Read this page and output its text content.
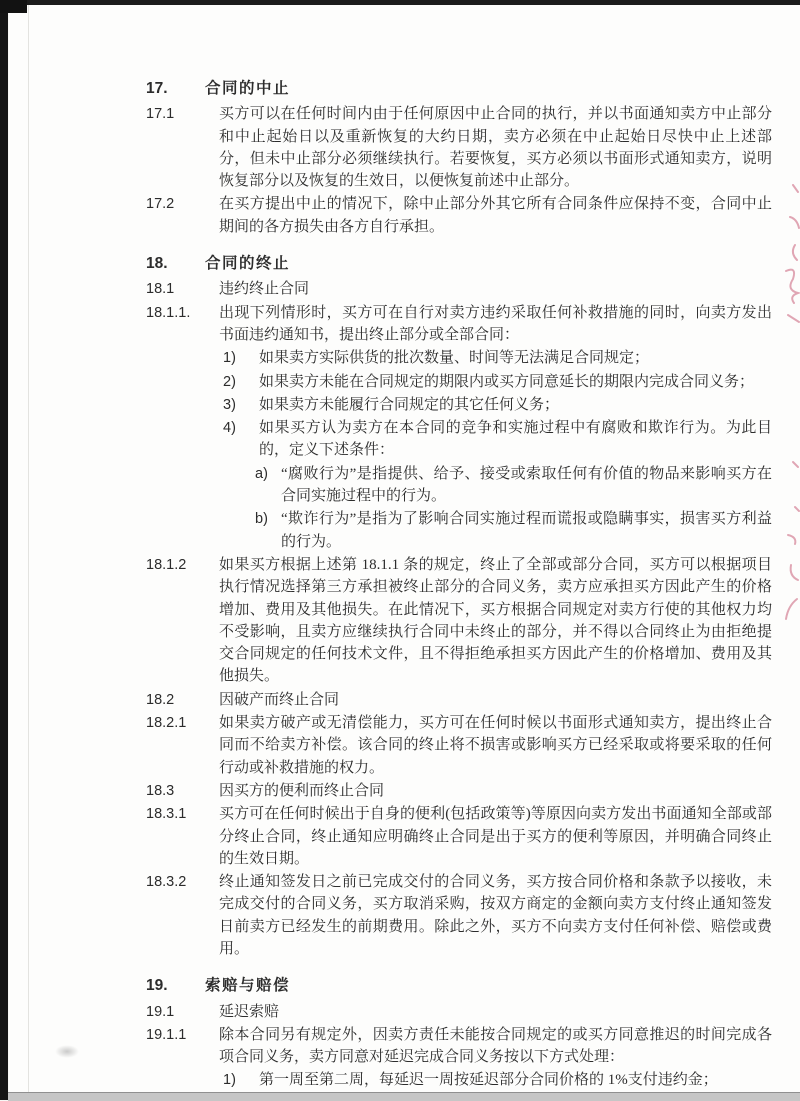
17.	合同的中止
17.1	买方可以在任何时间内由于任何原因中止合同的执行，并以书面通知卖方中止部分和中止起始日以及重新恢复的大约日期，卖方必须在中止起始日尽快中止上述部分，但未中止部分必须继续执行。若要恢复，买方必须以书面形式通知卖方，说明恢复部分以及恢复的生效日，以便恢复前述中止部分。
17.2	在买方提出中止的情况下，除中止部分外其它所有合同条件应保持不变，合同中止期间的各方损失由各方自行承担。
18.	合同的终止
18.1	违约终止合同
18.1.1.	出现下列情形时，买方可在自行对卖方违约采取任何补救措施的同时，向卖方发出书面违约通知书，提出终止部分或全部合同：
1)	如果卖方实际供货的批次数量、时间等无法满足合同规定；
2)	如果卖方未能在合同规定的期限内或买方同意延长的期限内完成合同义务；
3)	如果卖方未能履行合同规定的其它任何义务；
4)	如果买方认为卖方在本合同的竞争和实施过程中有腐败和欺诈行为。为此目的，定义下述条件：
a) “腐败行为”是指提供、给予、接受或索取任何有价值的物品来影响买方在合同实施过程中的行为。
b) “欺诈行为”是指为了影响合同实施过程而谎报或隐瞒事实，损害买方利益的行为。
18.1.2	如果买方根据上述第 18.1.1 条的规定，终止了全部或部分合同，买方可以根据项目执行情况选择第三方承担被终止部分的合同义务，卖方应承担买方因此产生的价格增加、费用及其他损失。在此情况下，买方根据合同规定对卖方行使的其他权力均不受影响，且卖方应继续执行合同中未终止的部分，并不得以合同终止为由拒绝提交合同规定的任何技术文件，且不得拒绝承担买方因此产生的价格增加、费用及其他损失。
18.2	因破产而终止合同
18.2.1	如果卖方破产或无清偿能力，买方可在任何时候以书面形式通知卖方，提出终止合同而不给卖方补偿。该合同的终止将不损害或影响买方已经采取或将要采取的任何行动或补救措施的权力。
18.3	因买方的便利而终止合同
18.3.1	买方可在任何时候出于自身的便利(包括政策等)等原因向卖方发出书面通知全部或部分终止合同，终止通知应明确终止合同是出于买方的便利等原因，并明确合同终止的生效日期。
18.3.2	终止通知签发日之前已完成交付的合同义务，买方按合同价格和条款予以接收，未完成交付的合同义务，买方取消采购，按双方商定的金额向卖方支付终止通知签发日前卖方已经发生的前期费用。除此之外，买方不向卖方支付任何补偿、赔偿或费用。
19.	索赔与赔偿
19.1	延迟索赔
19.1.1	除本合同另有规定外，因卖方责任未能按合同规定的或买方同意推迟的时间完成各项合同义务，卖方同意对延迟完成合同义务按以下方式处理：
1)	第一周至第二周，每延迟一周按延迟部分合同价格的 1%支付违约金；
